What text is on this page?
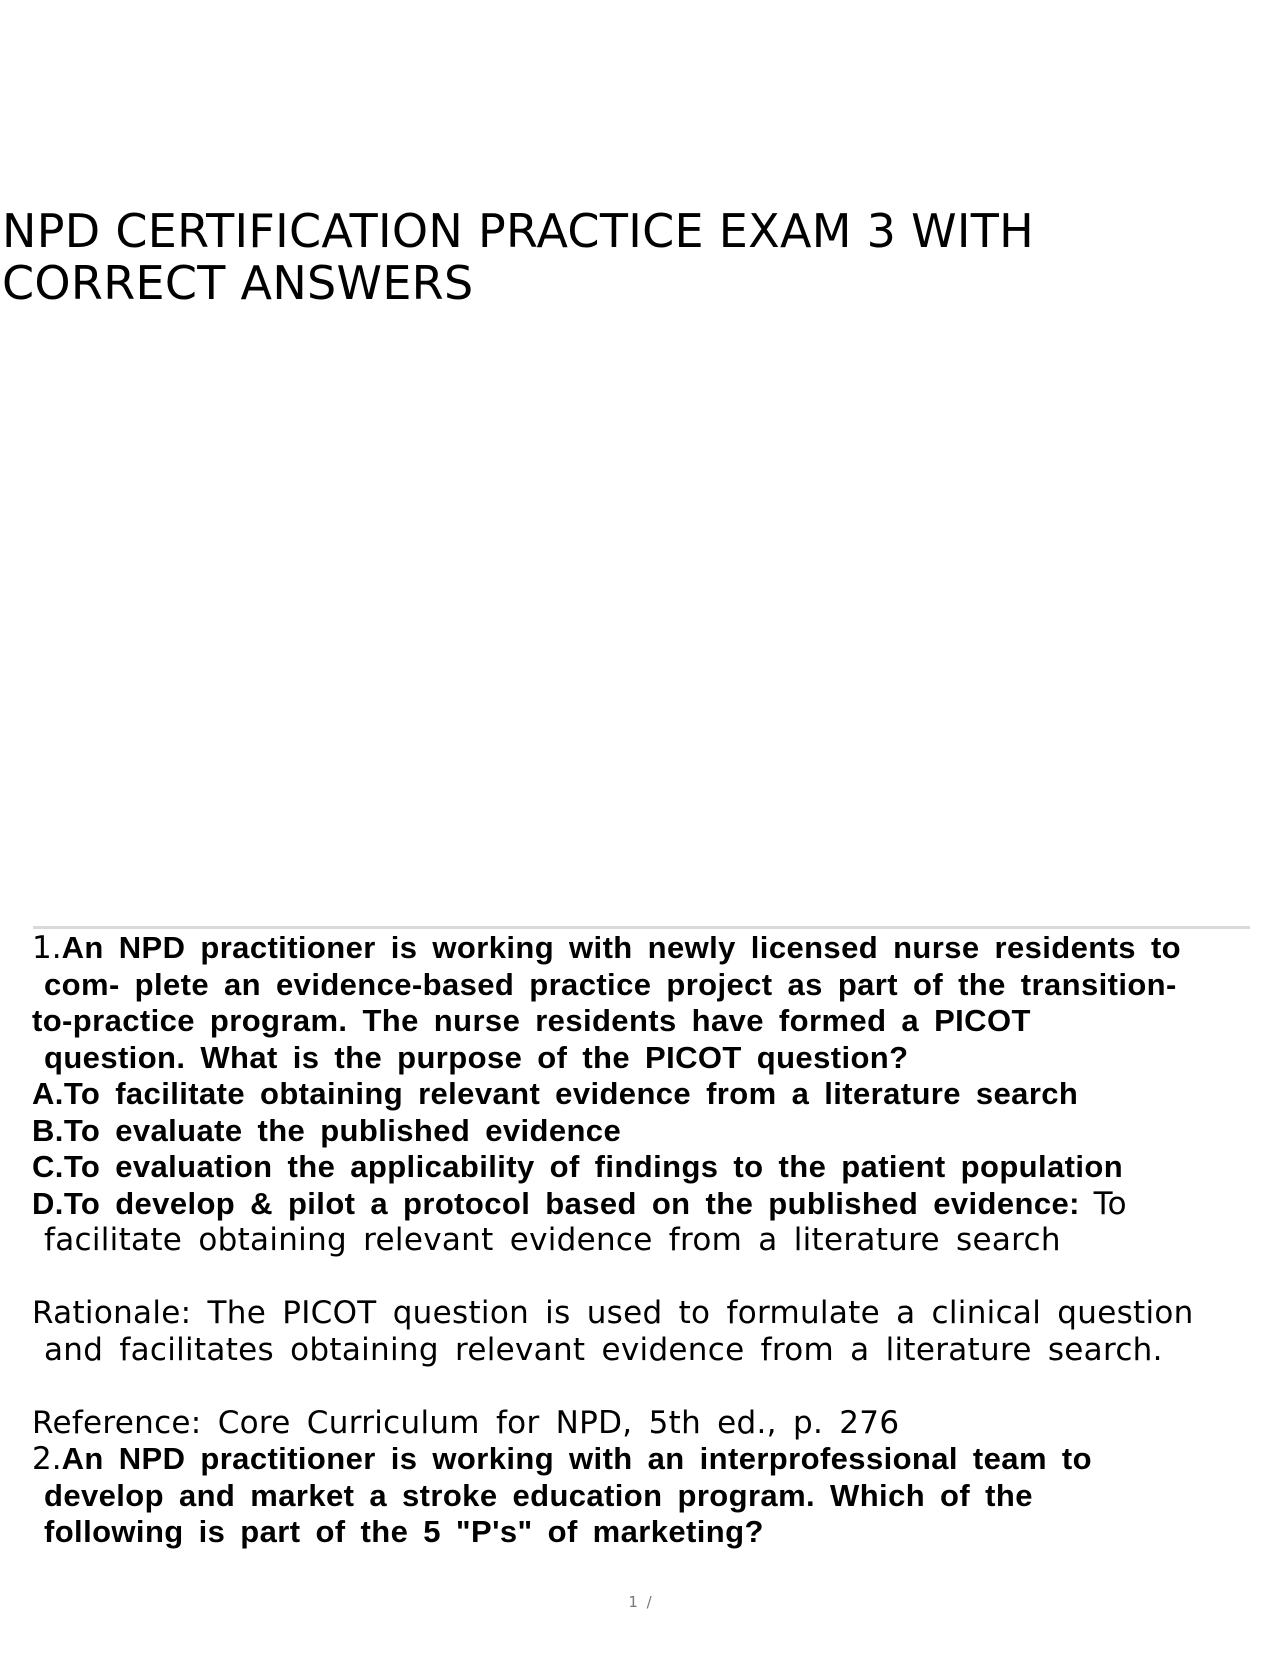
NPD CERTIFICATION PRACTICE EXAM 3 WITH CORRECT ANSWERS
1.An NPD practitioner is working with newly licensed nurse residents to
com- plete an evidence-based practice project as part of the transition-
to-practice program. The nurse residents have formed a PICOT
question. What is the purpose of the PICOT question?
A.To facilitate obtaining relevant evidence from a literature search
B.To evaluate the published evidence
C.To evaluation the applicability of findings to the patient population
D.To develop & pilot a protocol based on the published evidence: To
facilitate obtaining relevant evidence from a literature search
Rationale: The PICOT question is used to formulate a clinical question
and facilitates obtaining relevant evidence from a literature search.
Reference: Core Curriculum for NPD, 5th ed., p. 276
2.An NPD practitioner is working with an interprofessional team to
develop and market a stroke education program. Which of the
following is part of the 5 "P's" of marketing?
1 /
